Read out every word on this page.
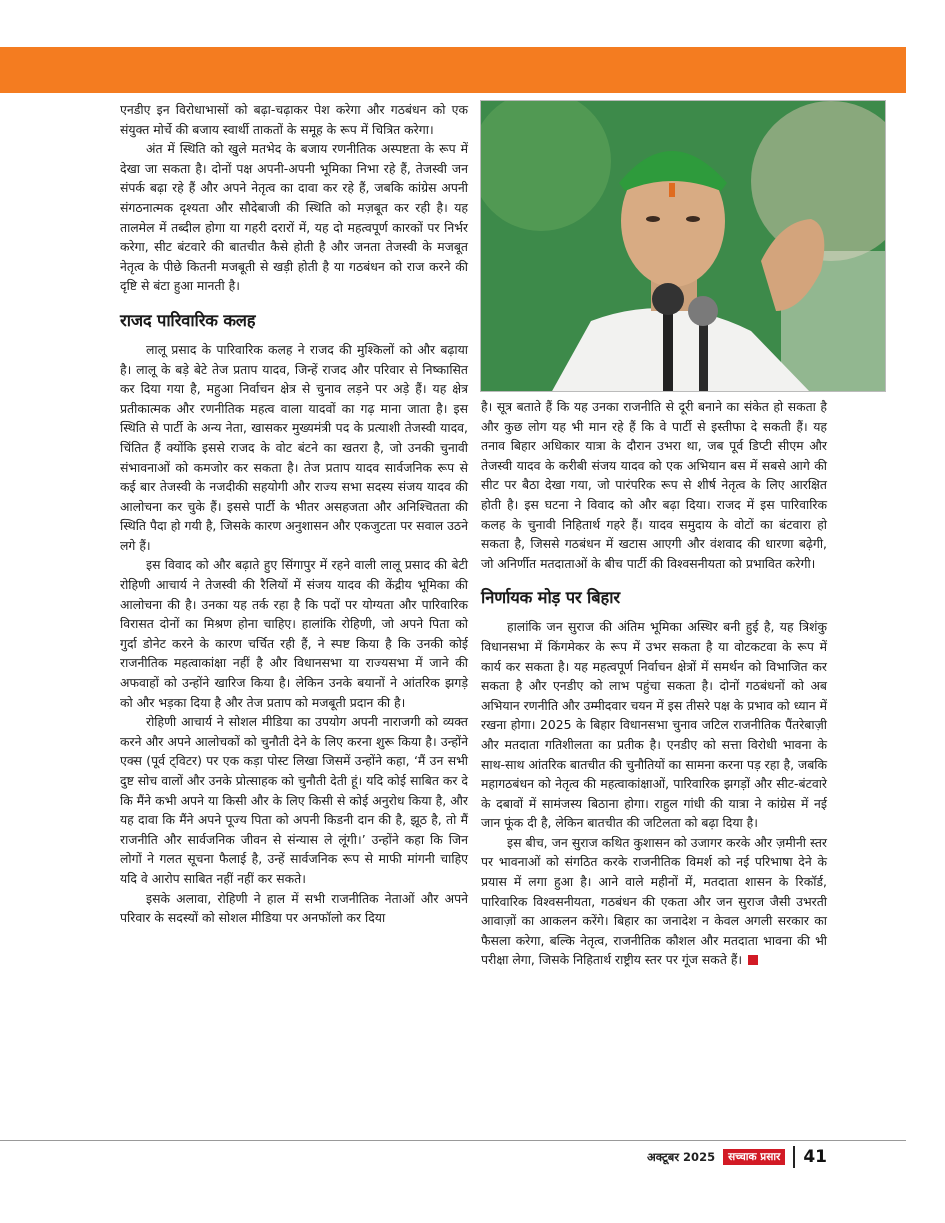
एनडीए इन विरोधाभासों को बढ़ा-चढ़ाकर पेश करेगा और गठबंधन को एक संयुक्त मोर्चे की बजाय स्वार्थी ताकतों के समूह के रूप में चित्रित करेगा।

अंत में स्थिति को खुले मतभेद के बजाय रणनीतिक अस्पष्टता के रूप में देखा जा सकता है। दोनों पक्ष अपनी-अपनी भूमिका निभा रहे हैं, तेजस्वी जन संपर्क बढ़ा रहे हैं और अपने नेतृत्व का दावा कर रहे हैं, जबकि कांग्रेस अपनी संगठनात्मक दृश्यता और सौदेबाजी की स्थिति को मज़बूत कर रही है। यह तालमेल में तब्दील होगा या गहरी दरारों में, यह दो महत्वपूर्ण कारकों पर निर्भर करेगा, सीट बंटवारे की बातचीत कैसे होती है और जनता तेजस्वी के मजबूत नेतृत्व के पीछे कितनी मजबूती से खड़ी होती है या गठबंधन को राज करने की दृष्टि से बंटा हुआ मानती है।

राजद पारिवारिक कलह

लालू प्रसाद के पारिवारिक कलह ने राजद की मुश्किलों को और बढ़ाया है। लालू के बड़े बेटे तेज प्रताप यादव, जिन्हें राजद और परिवार से निष्कासित कर दिया गया है, महुआ निर्वाचन क्षेत्र से चुनाव लड़ने पर अड़े हैं। यह क्षेत्र प्रतीकात्मक और रणनीतिक महत्व वाला यादवों का गढ़ माना जाता है। इस स्थिति से पार्टी के अन्य नेता, खासकर मुख्यमंत्री पद के प्रत्याशी तेजस्वी यादव, चिंतित हैं क्योंकि इससे राजद के वोट बंटने का खतरा है, जो उनकी चुनावी संभावनाओं को कमजोर कर सकता है। तेज प्रताप यादव सार्वजनिक रूप से कई बार तेजस्वी के नजदीकी सहयोगी और राज्य सभा सदस्य संजय यादव की आलोचना कर चुके हैं। इससे पार्टी के भीतर असहजता और अनिश्चितता की स्थिति पैदा हो गयी है, जिसके कारण अनुशासन और एकजुटता पर सवाल उठने लगे हैं।

इस विवाद को और बढ़ाते हुए सिंगापुर में रहने वाली लालू प्रसाद की बेटी रोहिणी आचार्य ने तेजस्वी की रैलियों में संजय यादव की केंद्रीय भूमिका की आलोचना की है। उनका यह तर्क रहा है कि पदों पर योग्यता और पारिवारिक विरासत दोनों का मिश्रण होना चाहिए। हालांकि रोहिणी, जो अपने पिता को गुर्दा डोनेट करने के कारण चर्चित रही हैं, ने स्पष्ट किया है कि उनकी कोई राजनीतिक महत्वाकांक्षा नहीं है और विधानसभा या राज्यसभा में जाने की अफवाहों को उन्होंने खारिज किया है। लेकिन उनके बयानों ने आंतरिक झगड़े को और भड़का दिया है और तेज प्रताप को मजबूती प्रदान की है।

रोहिणी आचार्य ने सोशल मीडिया का उपयोग अपनी नाराजगी को व्यक्त करने और अपने आलोचकों को चुनौती देने के लिए करना शुरू किया है। उन्होंने एक्स (पूर्व ट्विटर) पर एक कड़ा पोस्ट लिखा जिसमें उन्होंने कहा, ‘मैं उन सभी दुष्ट सोच वालों और उनके प्रोत्साहक को चुनौती देती हूं। यदि कोई साबित कर दे कि मैंने कभी अपने या किसी और के लिए किसी से कोई अनुरोध किया है, और यह दावा कि मैंने अपने पूज्य पिता को अपनी किडनी दान की है, झूठ है, तो मैं राजनीति और सार्वजनिक जीवन से संन्यास ले लूंगी।’ उन्होंने कहा कि जिन लोगों ने गलत सूचना फैलाई है, उन्हें सार्वजनिक रूप से माफी मांगनी चाहिए यदि वे आरोप साबित नहीं नहीं कर सकते।

इसके अलावा, रोहिणी ने हाल में सभी राजनीतिक नेताओं और अपने परिवार के सदस्यों को सोशल मीडिया पर अनफॉलो कर दिया

है। सूत्र बताते हैं कि यह उनका राजनीति से दूरी बनाने का संकेत हो सकता है और कुछ लोग यह भी मान रहे हैं कि वे पार्टी से इस्तीफा दे सकती हैं। यह तनाव बिहार अधिकार यात्रा के दौरान उभरा था, जब पूर्व डिप्टी सीएम और तेजस्वी यादव के करीबी संजय यादव को एक अभियान बस में सबसे आगे की सीट पर बैठा देखा गया, जो पारंपरिक रूप से शीर्ष नेतृत्व के लिए आरक्षित होती है। इस घटना ने विवाद को और बढ़ा दिया। राजद में इस पारिवारिक कलह के चुनावी निहितार्थ गहरे हैं। यादव समुदाय के वोटों का बंटवारा हो सकता है, जिससे गठबंधन में खटास आएगी और वंशवाद की धारणा बढ़ेगी, जो अनिर्णीत मतदाताओं के बीच पार्टी की विश्वसनीयता को प्रभावित करेगी।

निर्णायक मोड़ पर बिहार

हालांकि जन सुराज की अंतिम भूमिका अस्थिर बनी हुई है, यह त्रिशंकु विधानसभा में किंगमेकर के रूप में उभर सकता है या वोटकटवा के रूप में कार्य कर सकता है। यह महत्वपूर्ण निर्वाचन क्षेत्रों में समर्थन को विभाजित कर सकता है और एनडीए को लाभ पहुंचा सकता है। दोनों गठबंधनों को अब अभियान रणनीति और उम्मीदवार चयन में इस तीसरे पक्ष के प्रभाव को ध्यान में रखना होगा। 2025 के बिहार विधानसभा चुनाव जटिल राजनीतिक पैंतरेबाज़ी और मतदाता गतिशीलता का प्रतीक है। एनडीए को सत्ता विरोधी भावना के साथ-साथ आंतरिक बातचीत की चुनौतियों का सामना करना पड़ रहा है, जबकि महागठबंधन को नेतृत्व की महत्वाकांक्षाओं, पारिवारिक झगड़ों और सीट-बंटवारे के दबावों में सामंजस्य बिठाना होगा। राहुल गांधी की यात्रा ने कांग्रेस में नई जान फूंक दी है, लेकिन बातचीत की जटिलता को बढ़ा दिया है।

इस बीच, जन सुराज कथित कुशासन को उजागर करके और ज़मीनी स्तर पर भावनाओं को संगठित करके राजनीतिक विमर्श को नई परिभाषा देने के प्रयास में लगा हुआ है। आने वाले महीनों में, मतदाता शासन के रिकॉर्ड, पारिवारिक विश्वसनीयता, गठबंधन की एकता और जन सुराज जैसी उभरती आवाज़ों का आकलन करेंगे। बिहार का जनादेश न केवल अगली सरकार का फैसला करेगा, बल्कि नेतृत्व, राजनीतिक कौशल और मतदाता भावना की भी परीक्षा लेगा, जिसके निहितार्थ राष्ट्रीय स्तर पर गूंज सकते हैं।

अक्टूबर 2025	सच्चाक प्रसार 41
